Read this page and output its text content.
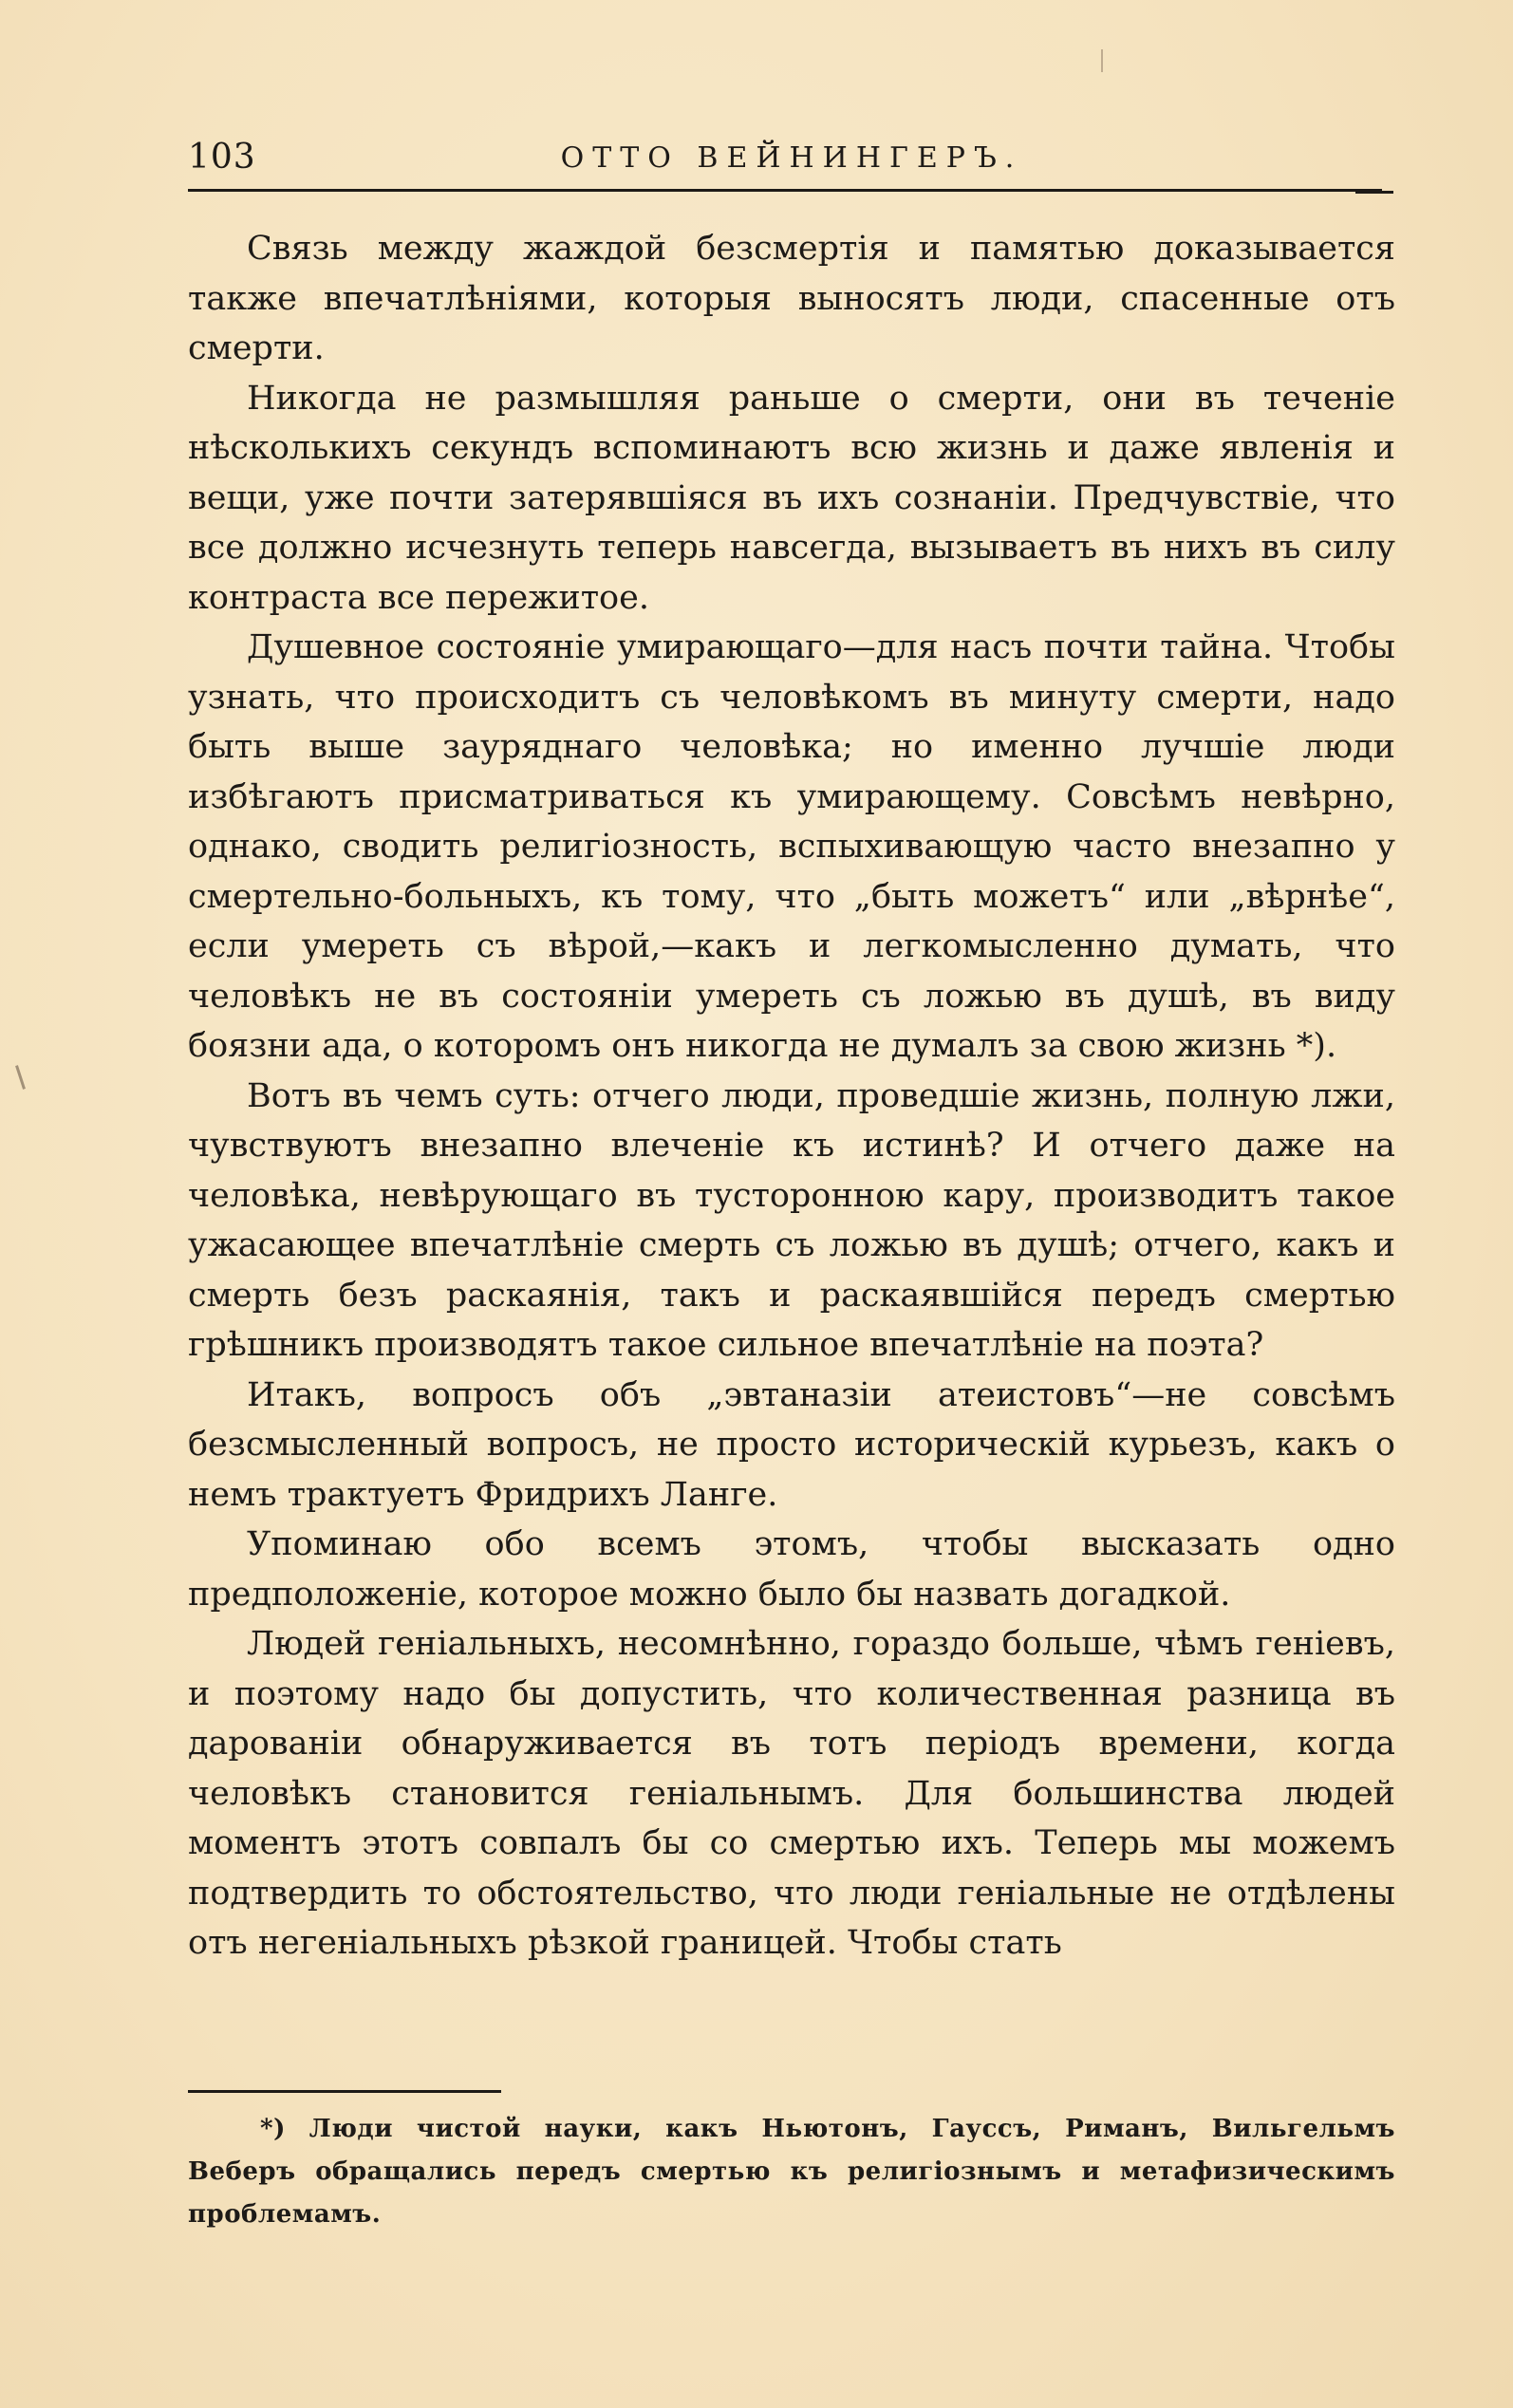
103	ОТТО ВЕЙНИНГЕРЪ.

Связь между жаждой безсмертія и памятью доказывается также впечатлѣніями, которыя выносятъ люди, спасенные отъ смерти.

Никогда не размышляя раньше о смерти, они въ теченіе нѣсколькихъ секундъ вспоминаютъ всю жизнь и даже явленія и вещи, уже почти затерявшіяся въ ихъ сознаніи. Предчувствіе, что все должно исчезнуть теперь навсегда, вызываетъ въ нихъ въ силу контраста все пережитое.

Душевное состояніе умирающаго—для насъ почти тайна. Чтобы узнать, что происходитъ съ человѣкомъ въ минуту смерти, надо быть выше зауряднаго человѣка; но именно лучшіе люди избѣгаютъ присматриваться къ умирающему. Совсѣмъ невѣрно, однако, сводить религіозность, вспыхивающую часто внезапно у смертельно-больныхъ, къ тому, что „быть можетъ“ или „вѣрнѣе“, если умереть съ вѣрой,—какъ и легкомысленно думать, что человѣкъ не въ состояніи умереть съ ложью въ душѣ, въ виду боязни ада, о которомъ онъ никогда не думалъ за свою жизнь *).

Вотъ въ чемъ суть: отчего люди, проведшіе жизнь, полную лжи, чувствуютъ внезапно влеченіе къ истинѣ? И отчего даже на человѣка, невѣрующаго въ тусторонною кару, производитъ такое ужасающее впечатлѣніе смерть съ ложью въ душѣ; отчего, какъ и смерть безъ раскаянія, такъ и раскаявшійся передъ смертью грѣшникъ производятъ такое сильное впечатлѣніе на поэта?

Итакъ, вопросъ объ „эвтаназіи атеистовъ“—не совсѣмъ безсмысленный вопросъ, не просто историческій курьезъ, какъ о немъ трактуетъ Фридрихъ Ланге.

Упоминаю обо всемъ этомъ, чтобы высказать одно предположеніе, которое можно было бы назвать догадкой.

Людей геніальныхъ, несомнѣнно, гораздо больше, чѣмъ геніевъ, и поэтому надо бы допустить, что количественная разница въ дарованіи обнаруживается въ тотъ періодъ времени, когда человѣкъ становится геніальнымъ. Для большинства людей моментъ этотъ совпалъ бы со смертью ихъ. Теперь мы можемъ подтвердить то обстоятельство, что люди геніальные не отдѣлены отъ негеніальныхъ рѣзкой границей. Чтобы стать

*) Люди чистой науки, какъ Ньютонъ, Гауссъ, Риманъ, Вильгельмъ Веберъ обращались передъ смертью къ религіознымъ и метафизическимъ проблемамъ.
